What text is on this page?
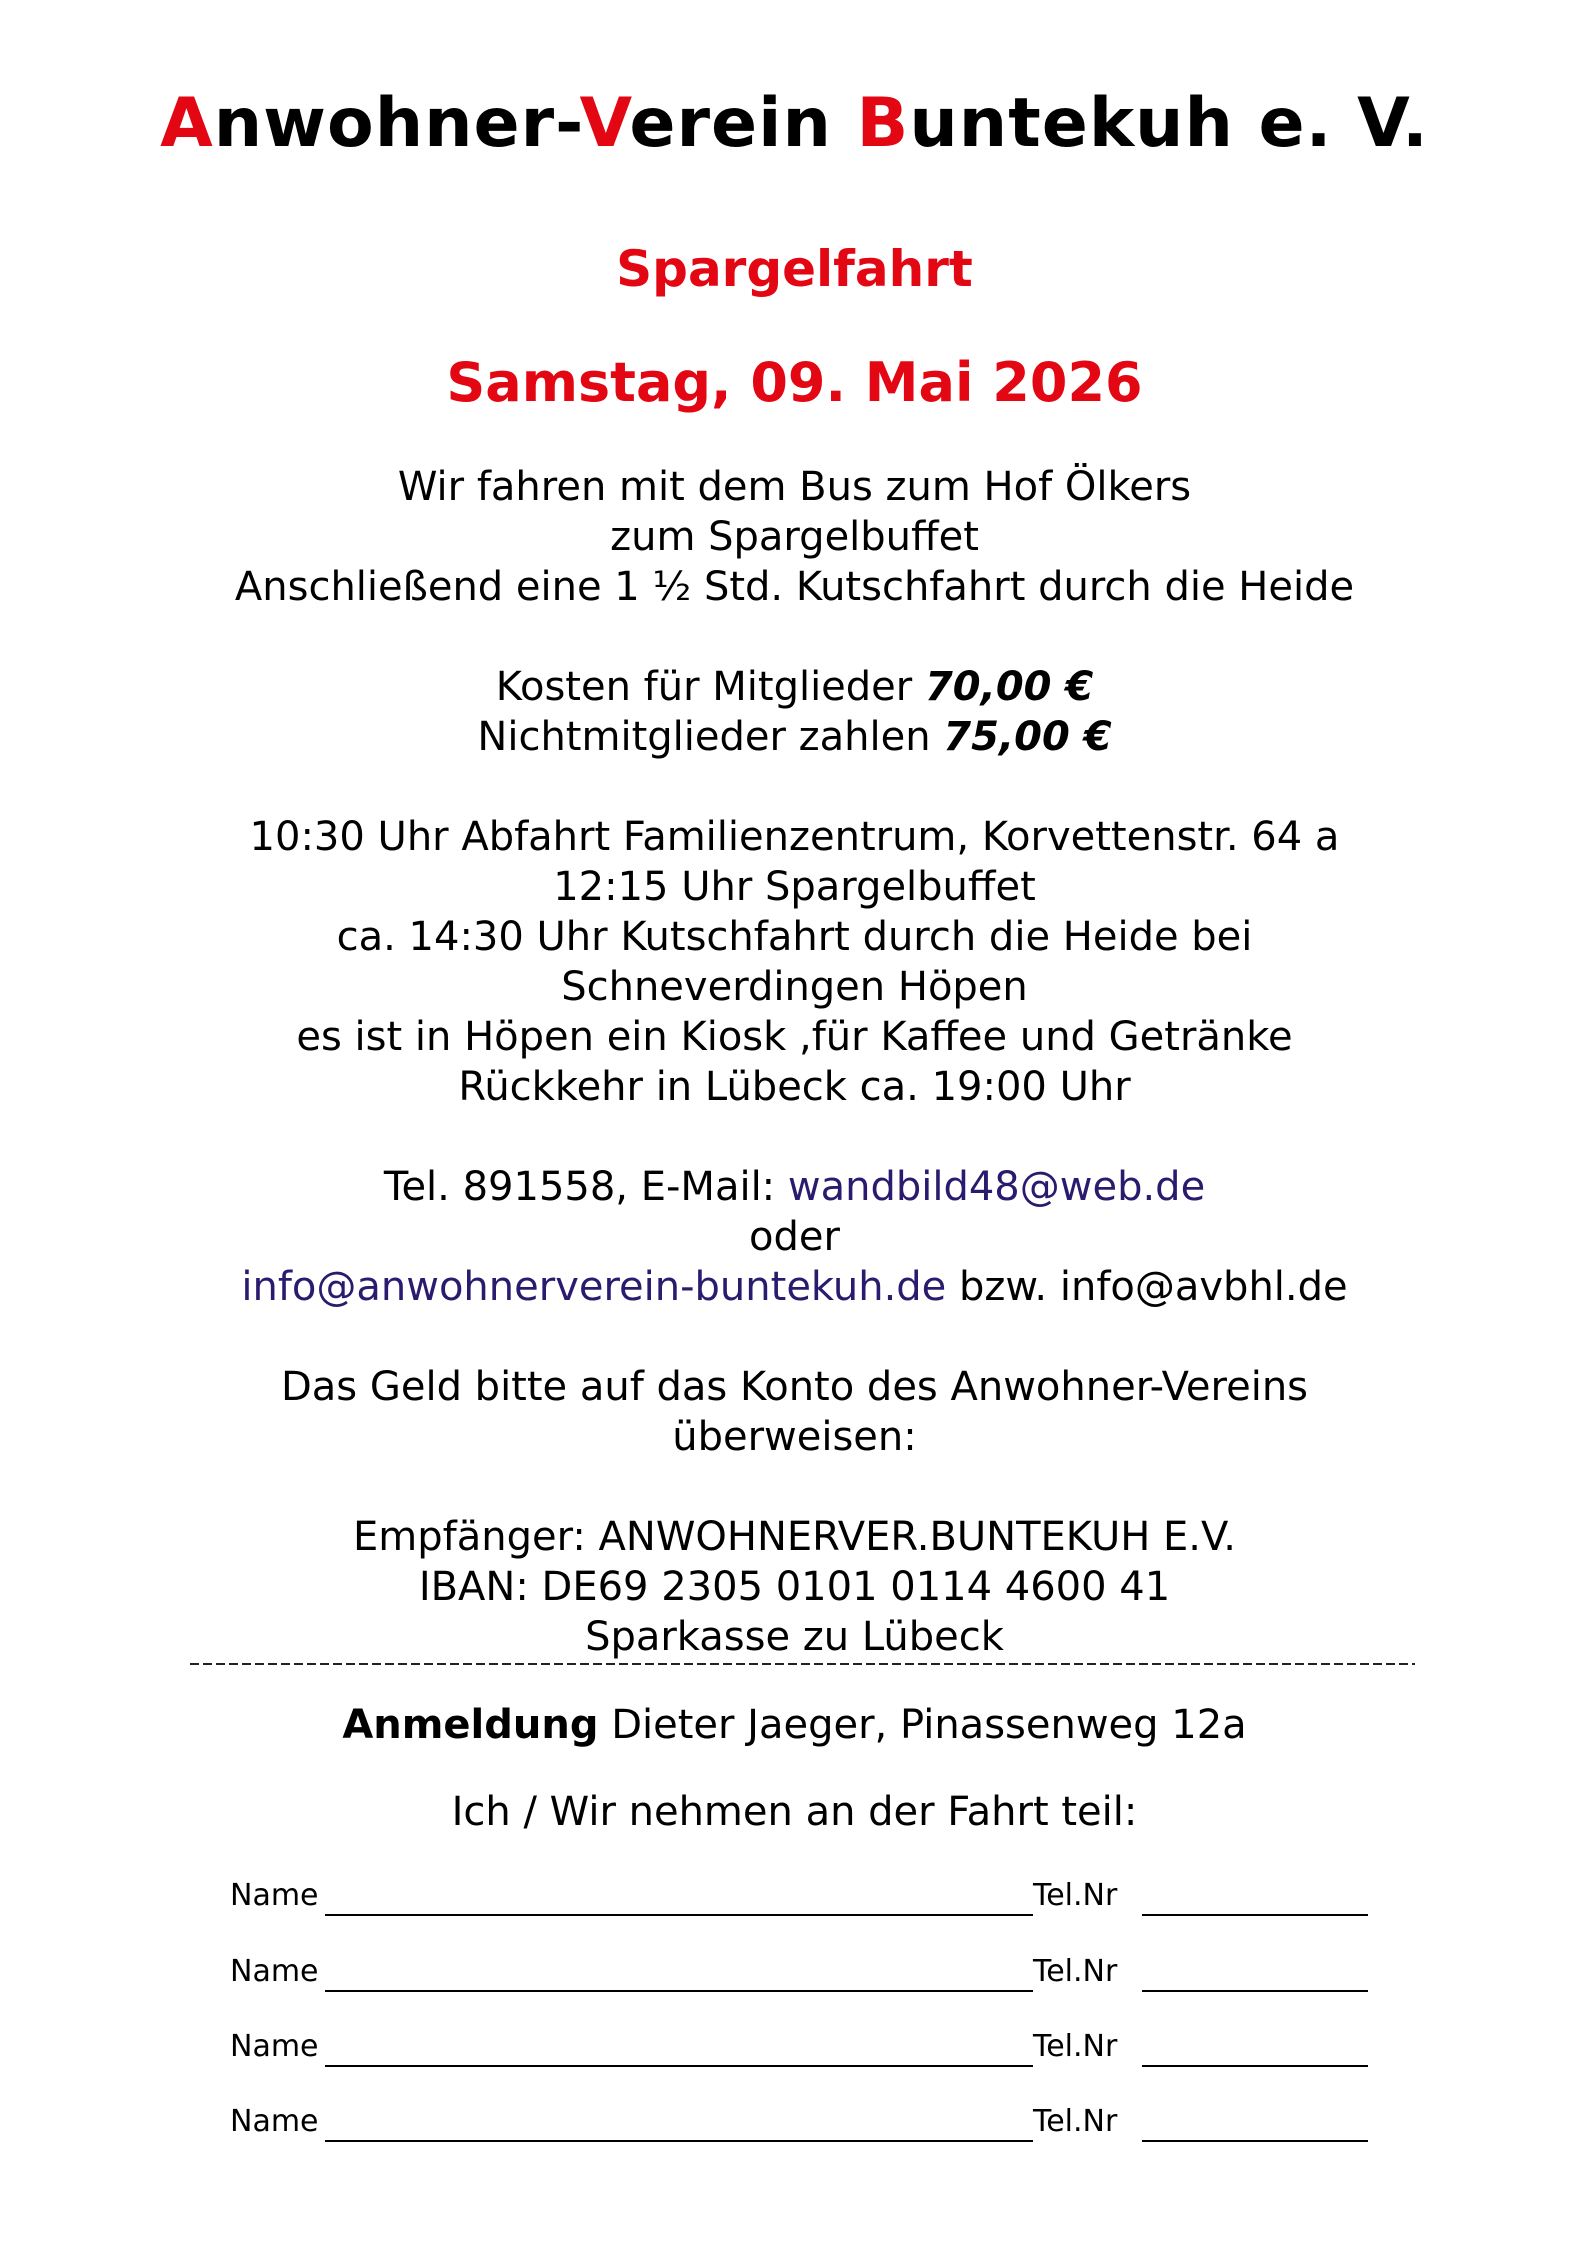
Anwohner-Verein Buntekuh e. V.
Spargelfahrt
Samstag, 09. Mai 2026
Wir fahren mit dem Bus zum Hof Ölkers
zum Spargelbuffet
Anschließend eine 1 ½ Std. Kutschfahrt durch die Heide
Kosten für Mitglieder 70,00 €
Nichtmitglieder zahlen 75,00 €
10:30 Uhr Abfahrt Familienzentrum, Korvettenstr. 64 a
12:15 Uhr Spargelbuffet
ca. 14:30 Uhr Kutschfahrt durch die Heide bei
Schneverdingen Höpen
es ist in Höpen ein Kiosk ,für Kaffee und Getränke
Rückkehr in Lübeck ca. 19:00 Uhr
Tel. 891558, E-Mail: wandbild48@web.de
oder
info@anwohnerverein-buntekuh.de bzw. info@avbhl.de
Das Geld bitte auf das Konto des Anwohner-Vereins
überweisen:
Empfänger: ANWOHNERVER.BUNTEKUH E.V.
IBAN: DE69 2305 0101 0114 4600 41
Sparkasse zu Lübeck
Anmeldung Dieter Jaeger, Pinassenweg 12a
Ich / Wir nehmen an der Fahrt teil:
Name	Tel.Nr
Name	Tel.Nr
Name	Tel.Nr
Name	Tel.Nr
